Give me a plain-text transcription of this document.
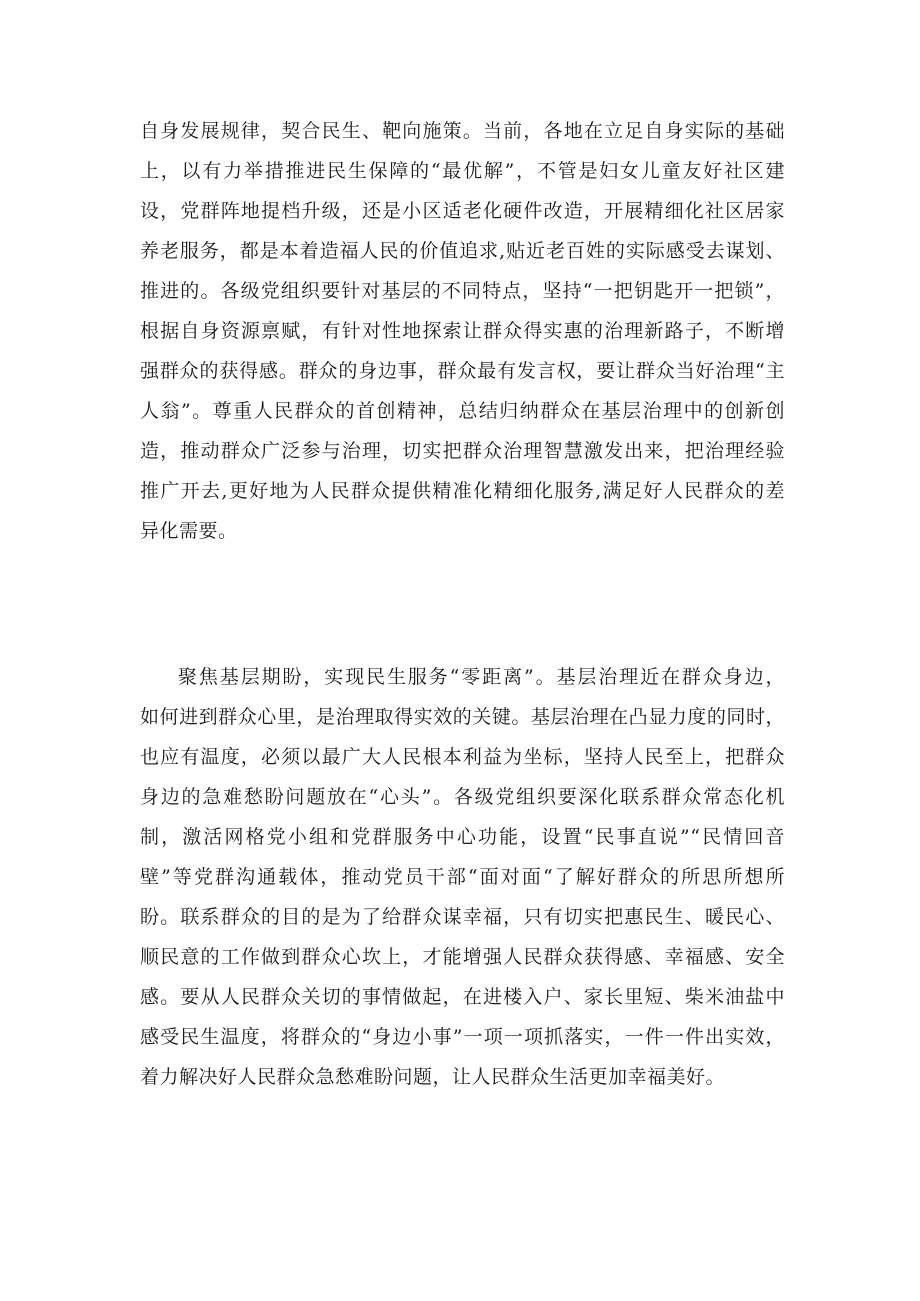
自身发展规律，契合民生、靶向施策。当前，各地在立足自身实际的基础
上，以有力举措推进民生保障的“最优解”，不管是妇女儿童友好社区建
设，党群阵地提档升级，还是小区适老化硬件改造，开展精细化社区居家
养老服务，都是本着造福人民的价值追求,贴近老百姓的实际感受去谋划、
推进的。各级党组织要针对基层的不同特点，坚持“一把钥匙开一把锁”，
根据自身资源禀赋，有针对性地探索让群众得实惠的治理新路子，不断增
强群众的获得感。群众的身边事，群众最有发言权，要让群众当好治理“主
人翁”。尊重人民群众的首创精神，总结归纳群众在基层治理中的创新创
造，推动群众广泛参与治理，切实把群众治理智慧激发出来，把治理经验
推广开去,更好地为人民群众提供精准化精细化服务,满足好人民群众的差
异化需要。
聚焦基层期盼，实现民生服务“零距离”。基层治理近在群众身边，
如何进到群众心里，是治理取得实效的关键。基层治理在凸显力度的同时，
也应有温度，必须以最广大人民根本利益为坐标，坚持人民至上，把群众
身边的急难愁盼问题放在“心头”。各级党组织要深化联系群众常态化机
制，激活网格党小组和党群服务中心功能，设置“民事直说”“民情回音
壁”等党群沟通载体，推动党员干部“面对面“了解好群众的所思所想所
盼。联系群众的目的是为了给群众谋幸福，只有切实把惠民生、暖民心、
顺民意的工作做到群众心坎上，才能增强人民群众获得感、幸福感、安全
感。要从人民群众关切的事情做起，在进楼入户、家长里短、柴米油盐中
感受民生温度，将群众的“身边小事”一项一项抓落实，一件一件出实效，
着力解决好人民群众急愁难盼问题，让人民群众生活更加幸福美好。
